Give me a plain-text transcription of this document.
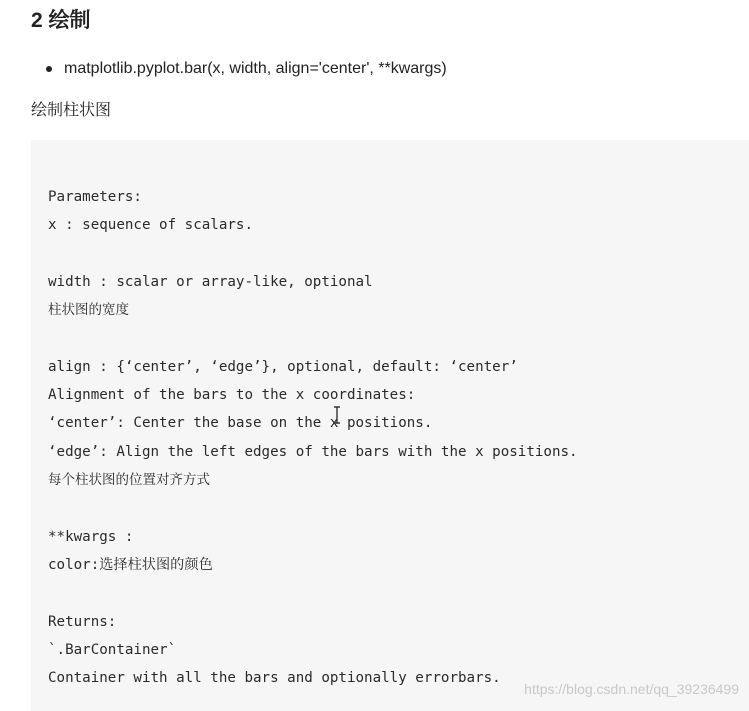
2 绘制
matplotlib.pyplot.bar(x, width, align='center', **kwargs)

绘制柱状图

Parameters:
x : sequence of scalars.
width : scalar or array-like, optional
柱状图的宽度
align : {‘center’, ‘edge’}, optional, default: ‘center’
Alignment of the bars to the x coordinates:
‘center’: Center the base on the x positions.
‘edge’: Align the left edges of the bars with the x positions.
每个柱状图的位置对齐方式
**kwargs :
color:选择柱状图的颜色
Returns:
`.BarContainer`
Container with all the bars and optionally errorbars.
https://blog.csdn.net/qq_39236499
